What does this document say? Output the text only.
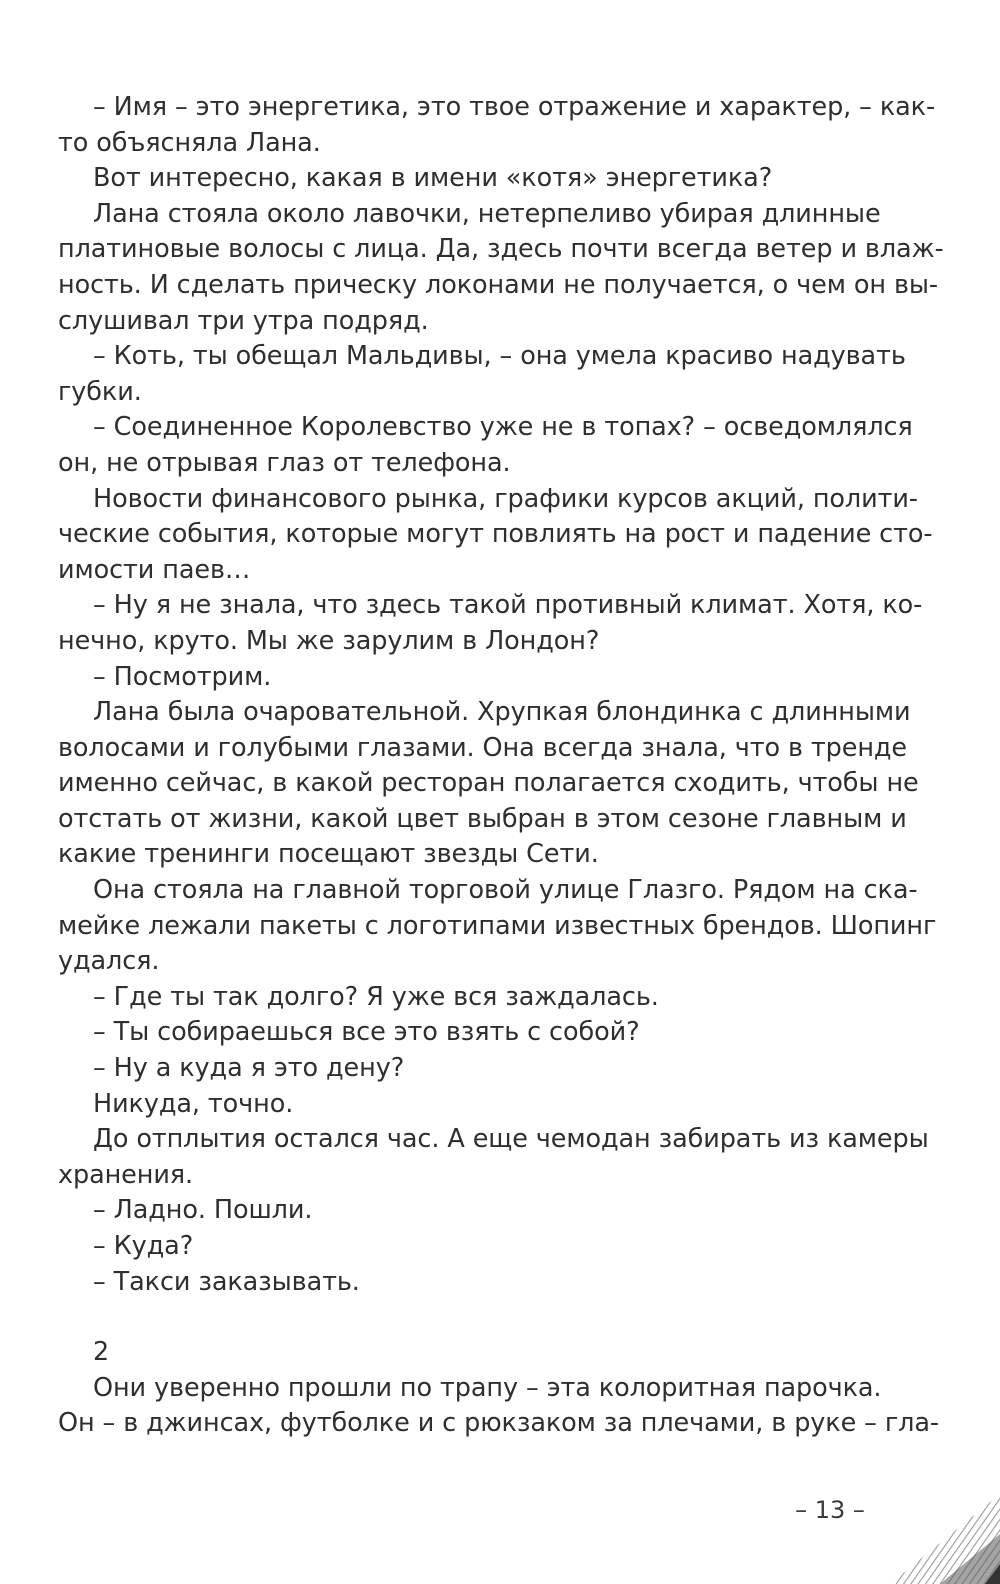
– Имя – это энергетика, это твое отражение и характер, – как-
то объясняла Лана.
Вот интересно, какая в имени «котя» энергетика?
Лана стояла около лавочки, нетерпеливо убирая длинные
платиновые волосы с лица. Да, здесь почти всегда ветер и влаж-
ность. И сделать прическу локонами не получается, о чем он вы-
слушивал три утра подряд.
– Коть, ты обещал Мальдивы, – она умела красиво надувать
губки.
– Соединенное Королевство уже не в топах? – осведомлялся
он, не отрывая глаз от телефона.
Новости финансового рынка, графики курсов акций, полити-
ческие события, которые могут повлиять на рост и падение сто-
имости паев…
– Ну я не знала, что здесь такой противный климат. Хотя, ко-
нечно, круто. Мы же зарулим в Лондон?
– Посмотрим.
Лана была очаровательной. Хрупкая блондинка с длинными
волосами и голубыми глазами. Она всегда знала, что в тренде
именно сейчас, в какой ресторан полагается сходить, чтобы не
отстать от жизни, какой цвет выбран в этом сезоне главным и
какие тренинги посещают звезды Сети.
Она стояла на главной торговой улице Глазго. Рядом на ска-
мейке лежали пакеты с логотипами известных брендов. Шопинг
удался.
– Где ты так долго? Я уже вся заждалась.
– Ты собираешься все это взять с собой?
– Ну а куда я это дену?
Никуда, точно.
До отплытия остался час. А еще чемодан забирать из камеры
хранения.
– Ладно. Пошли.
– Куда?
– Такси заказывать.
2
Они уверенно прошли по трапу – эта колоритная парочка.
Он – в джинсах, футболке и с рюкзаком за плечами, в руке – гла-
– 13 –
